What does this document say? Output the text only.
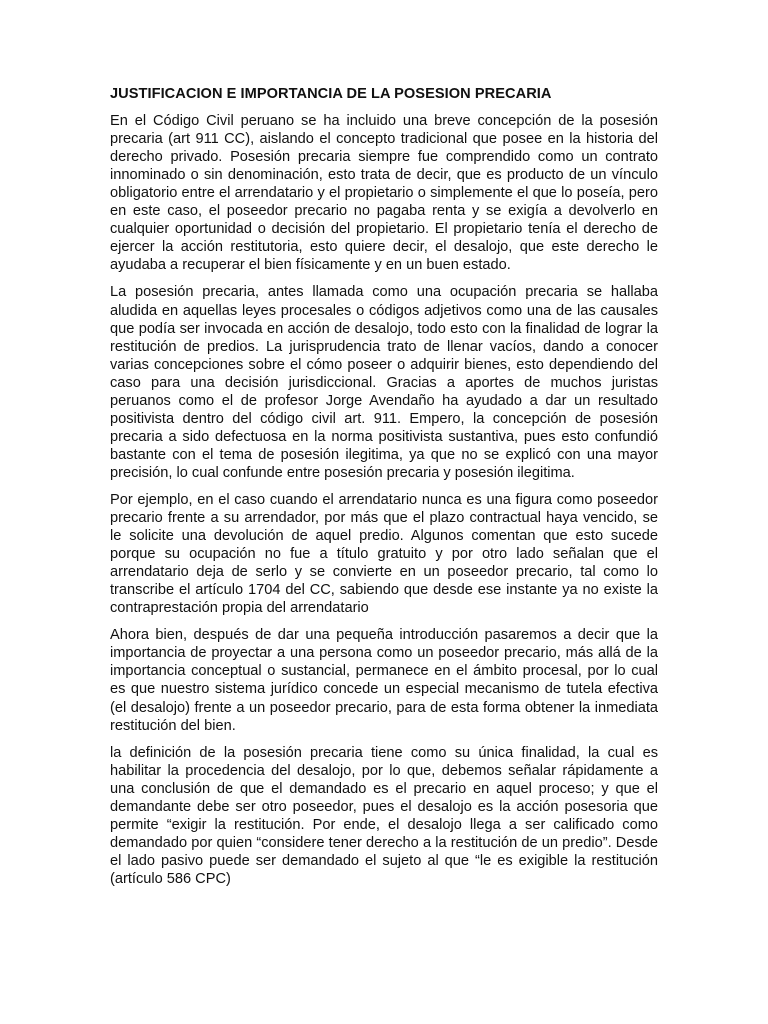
JUSTIFICACION E IMPORTANCIA DE LA POSESION PRECARIA

En el Código Civil peruano se ha incluido una breve concepción de la posesión precaria (art 911 CC), aislando el concepto tradicional que posee en la historia del derecho privado. Posesión precaria siempre fue comprendido como un contrato innominado o sin denominación, esto trata de decir, que es producto de un vínculo obligatorio entre el arrendatario y el propietario o simplemente el que lo poseía, pero en este caso, el poseedor precario no pagaba renta y se exigía a devolverlo en cualquier oportunidad o decisión del propietario. El propietario tenía el derecho de ejercer la acción restitutoria, esto quiere decir, el desalojo, que este derecho le ayudaba a recuperar el bien físicamente y en un buen estado.

La posesión precaria, antes llamada como una ocupación precaria se hallaba aludida en aquellas leyes procesales o códigos adjetivos como una de las causales que podía ser invocada en acción de desalojo, todo esto con la finalidad de lograr la restitución de predios. La jurisprudencia trato de llenar vacíos, dando a conocer varias concepciones sobre el cómo poseer o adquirir bienes, esto dependiendo del caso para una decisión jurisdiccional. Gracias a aportes de muchos juristas peruanos como el de profesor Jorge Avendaño ha ayudado a dar un resultado positivista dentro del código civil art. 911. Empero, la concepción de posesión precaria a sido defectuosa en la norma positivista sustantiva, pues esto confundió bastante con el tema de posesión ilegitima, ya que no se explicó con una mayor precisión, lo cual confunde entre posesión precaria y posesión ilegitima.

Por ejemplo, en el caso cuando el arrendatario nunca es una figura como poseedor precario frente a su arrendador, por más que el plazo contractual haya vencido, se le solicite una devolución de aquel predio. Algunos comentan que esto sucede porque su ocupación no fue a título gratuito y por otro lado señalan que el arrendatario deja de serlo y se convierte en un poseedor precario, tal como lo transcribe el artículo 1704 del CC, sabiendo que desde ese instante ya no existe la contraprestación propia del arrendatario

Ahora bien, después de dar una pequeña introducción pasaremos a decir que la importancia de proyectar a una persona como un poseedor precario, más allá de la importancia conceptual o sustancial, permanece en el ámbito procesal, por lo cual es que nuestro sistema jurídico concede un especial mecanismo de tutela efectiva (el desalojo) frente a un poseedor precario, para de esta forma obtener la inmediata restitución del bien.

la definición de la posesión precaria tiene como su única finalidad, la cual es habilitar la procedencia del desalojo, por lo que, debemos señalar rápidamente a una conclusión de que el demandado es el precario en aquel proceso; y que el demandante debe ser otro poseedor, pues el desalojo es la acción posesoria que permite “exigir la restitución. Por ende, el desalojo llega a ser calificado como demandado por quien “considere tener derecho a la restitución de un predio”. Desde el lado pasivo puede ser demandado el sujeto al que “le es exigible la restitución (artículo 586 CPC)
